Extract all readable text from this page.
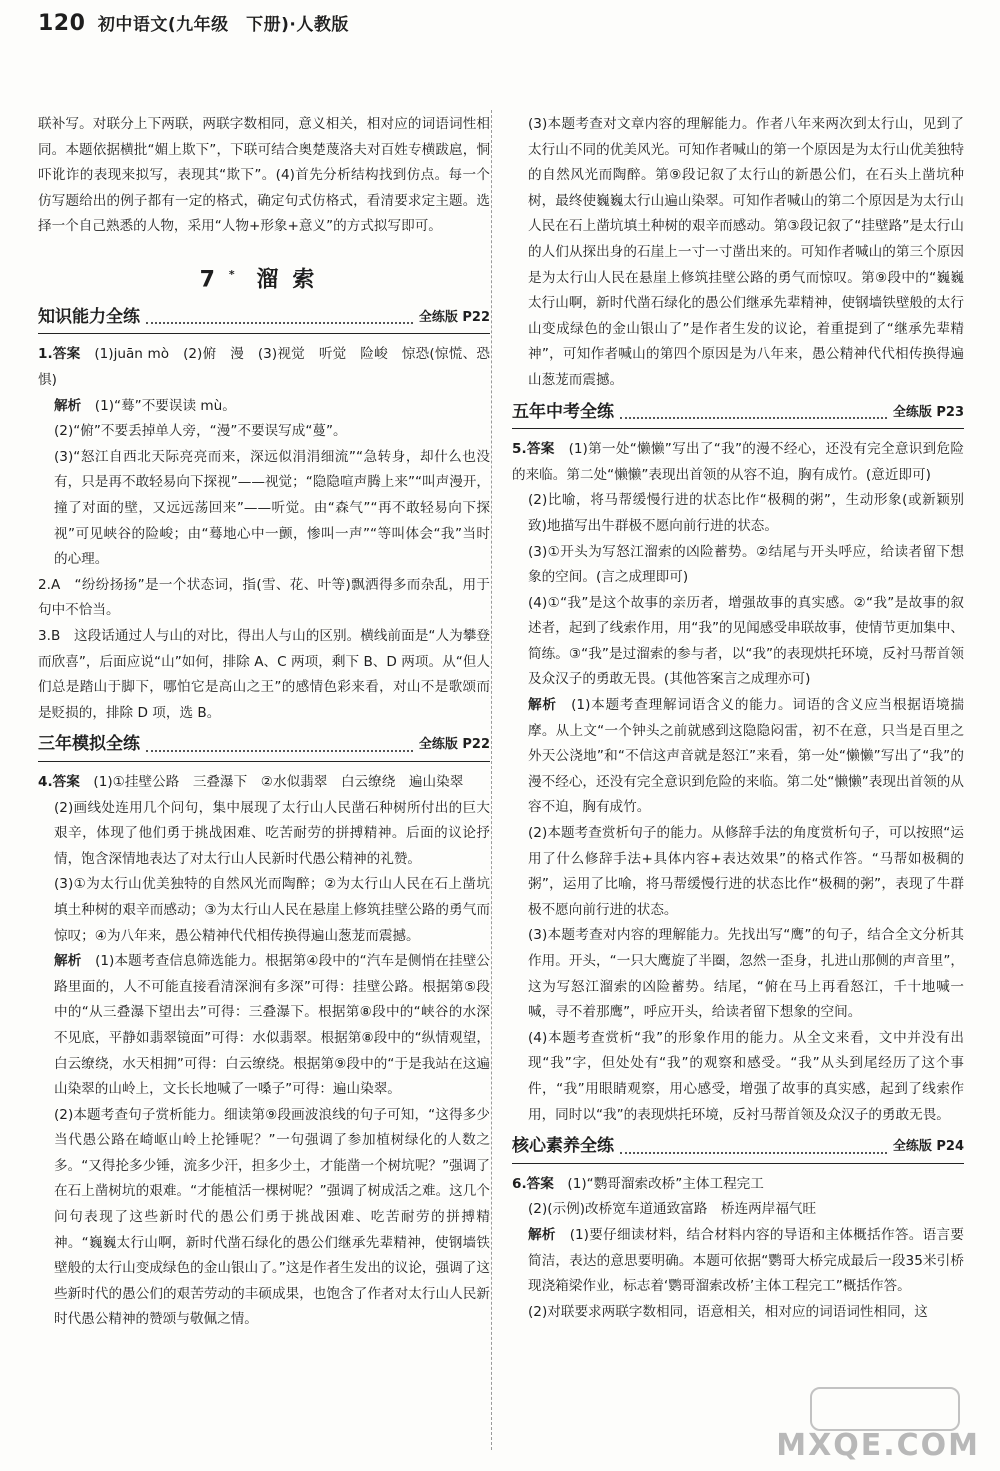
120 初中语文(九年级　下册)·人教版

联补写。对联分上下两联，两联字数相同，意义相关，相对应的词语词性相同。本题依据横批“媚上欺下”，下联可结合奥楚蔑洛夫对百姓专横跋扈，恫吓讹诈的表现来拟写，表现其“欺下”。(4)首先分析结构找到仿点。每一个仿写题给出的例子都有一定的格式，确定句式仿格式，看清要求定主题。选择一个自己熟悉的人物，采用“人物+形象+意义”的方式拟写即可。

7* 溜索
知识能力全练	全练版 P22

1.答案　 (1)juān mò　(2)俯　漫　(3)视觉　听觉　险峻　惊恐(惊慌、恐惧)

解析　 (1)“蓦”不要误读 mù。

(2)“俯”不要丢掉单人旁，“漫”不要误写成“蔓”。

(3)“怒江自西北天际亮亮而来，深远似涓涓细流”“急转身，却什么也没有，只是再不敢轻易向下探视”——视觉；“隐隐喧声腾上来”“叫声漫开，撞了对面的壁，又远远荡回来”——听觉。由“森气”“再不敢轻易向下探视”可见峡谷的险峻；由“蓦地心中一颤，惨叫一声”“等叫体会“我”当时的心理。

2.A　“纷纷扬扬”是一个状态词，指(雪、花、叶等)飘洒得多而杂乱，用于句中不恰当。

3.B　这段话通过人与山的对比，得出人与山的区别。横线前面是“人为攀登而欣喜”，后面应说“山”如何，排除 A、C 两项，剩下 B、D 两项。从“但人们总是踏山于脚下，哪怕它是高山之王”的感情色彩来看，对山不是歌颂而是贬损的，排除 D 项，选 B。

三年模拟全练	全练版 P22

4.答案　 (1)①挂壁公路　三叠瀑下　②水似翡翠　白云缭绕　遍山染翠

(2)画线处连用几个问句，集中展现了太行山人民凿石种树所付出的巨大艰辛，体现了他们勇于挑战困难、吃苦耐劳的拼搏精神。后面的议论抒情，饱含深情地表达了对太行山人民新时代愚公精神的礼赞。

(3)①为太行山优美独特的自然风光而陶醉；②为太行山人民在石上凿坑填土种树的艰辛而感动；③为太行山人民在悬崖上修筑挂壁公路的勇气而惊叹；④为八年来，愚公精神代代相传换得遍山葱茏而震撼。

解析　 (1)本题考查信息筛选能力。根据第④段中的“汽车是侧悄在挂壁公路里面的，人不可能直接看清深涧有多深”可得：挂壁公路。根据第⑤段中的“从三叠瀑下望出去”可得：三叠瀑下。根据第⑧段中的“峡谷的水深不见底，平静如翡翠镜面”可得：水似翡翠。根据第⑧段中的“纵情观望，白云缭绕，水天相拥”可得：白云缭绕。根据第⑨段中的“于是我站在这遍山染翠的山岭上，文长长地喊了一嗓子”可得：遍山染翠。

(2)本题考查句子赏析能力。细读第⑨段画波浪线的句子可知，“这得多少当代愚公路在崎岖山岭上抡锤呢？”一句强调了参加植树绿化的人数之多。“又得抡多少锤，流多少汗，担多少土，才能凿一个树坑呢？”强调了在石上凿树坑的艰难。“才能植活一棵树呢？”强调了树成活之难。这几个问句表现了这些新时代的愚公们勇于挑战困难、吃苦耐劳的拼搏精神。“巍巍太行山啊，新时代凿石绿化的愚公们继承先辈精神，使钢墙铁壁般的太行山变成绿色的金山银山了。”这是作者生发出的议论，强调了这些新时代的愚公们的艰苦劳动的丰硕成果，也饱含了作者对太行山人民新时代愚公精神的赞颂与敬佩之情。

(3)本题考查对文章内容的理解能力。作者八年来两次到太行山，见到了太行山不同的优美风光。可知作者喊山的第一个原因是为太行山优美独特的自然风光而陶醉。第⑨段记叙了太行山的新愚公们，在石头上凿坑种树，最终使巍巍太行山遍山染翠。可知作者喊山的第二个原因是为太行山人民在石上凿坑填土种树的艰辛而感动。第③段记叙了“挂壁路”是太行山的人们从探出身的石崖上一寸一寸凿出来的。可知作者喊山的第三个原因是为太行山人民在悬崖上修筑挂壁公路的勇气而惊叹。第⑨段中的“巍巍太行山啊，新时代凿石绿化的愚公们继承先辈精神，使钢墙铁壁般的太行山变成绿色的金山银山了”是作者生发的议论，着重提到了“继承先辈精神”，可知作者喊山的第四个原因是为八年来，愚公精神代代相传换得遍山葱茏而震撼。

五年中考全练	全练版 P23

5.答案　 (1)第一处“懒懒”写出了“我”的漫不经心，还没有完全意识到危险的来临。第二处“懒懒”表现出首领的从容不迫，胸有成竹。(意近即可)

(2)比喻，将马帮缓慢行进的状态比作“极稠的粥”，生动形象(或新颖别致)地描写出牛群极不愿向前行进的状态。

(3)①开头为写怒江溜索的凶险蓄势。②结尾与开头呼应，给读者留下想象的空间。(言之成理即可)

(4)①“我”是这个故事的亲历者，增强故事的真实感。②“我”是故事的叙述者，起到了线索作用，用“我”的见闻感受串联故事，使情节更加集中、简练。③“我”是过溜索的参与者，以“我”的表现烘托环境，反衬马帮首领及众汉子的勇敢无畏。(其他答案言之成理亦可)

解析　 (1)本题考查理解词语含义的能力。词语的含义应当根据语境揣摩。从上文“一个钟头之前就感到这隐隐闷雷，初不在意，只当是百里之外天公浇地”和“不信这声音就是怒江”来看，第一处“懒懒”写出了“我”的漫不经心，还没有完全意识到危险的来临。第二处“懒懒”表现出首领的从容不迫，胸有成竹。

(2)本题考查赏析句子的能力。从修辞手法的角度赏析句子，可以按照“运用了什么修辞手法+具体内容+表达效果”的格式作答。“马帮如极稠的粥”，运用了比喻，将马帮缓慢行进的状态比作“极稠的粥”，表现了牛群极不愿向前行进的状态。

(3)本题考查对内容的理解能力。先找出写“鹰”的句子，结合全文分析其作用。开头，“一只大鹰旋了半圈，忽然一歪身，扎进山那侧的声音里”，这为写怒江溜索的凶险蓄势。结尾，“俯在马上再看怒江，千十地喊一喊，寻不着那鹰”，呼应开头，给读者留下想象的空间。

(4)本题考查赏析“我”的形象作用的能力。从全文来看，文中并没有出现“我”字，但处处有“我”的观察和感受。“我”从头到尾经历了这个事件，“我”用眼睛观察，用心感受，增强了故事的真实感，起到了线索作用，同时以“我”的表现烘托环境，反衬马帮首领及众汉子的勇敢无畏。

核心素养全练	全练版 P24

6.答案　 (1)“鹦哥溜索改桥”主体工程完工

(2)(示例)改桥宽车道通致富路　桥连两岸福气旺

解析　 (1)要仔细读材料，结合材料内容的导语和主体概括作答。语言要简洁，表达的意思要明确。本题可依据“鹦哥大桥完成最后一段35米引桥现浇箱梁作业，标志着‘鹦哥溜索改桥’主体工程完工”概括作答。

(2)对联要求两联字数相同，语意相关，相对应的词语词性相同，这

MXQE.COM
